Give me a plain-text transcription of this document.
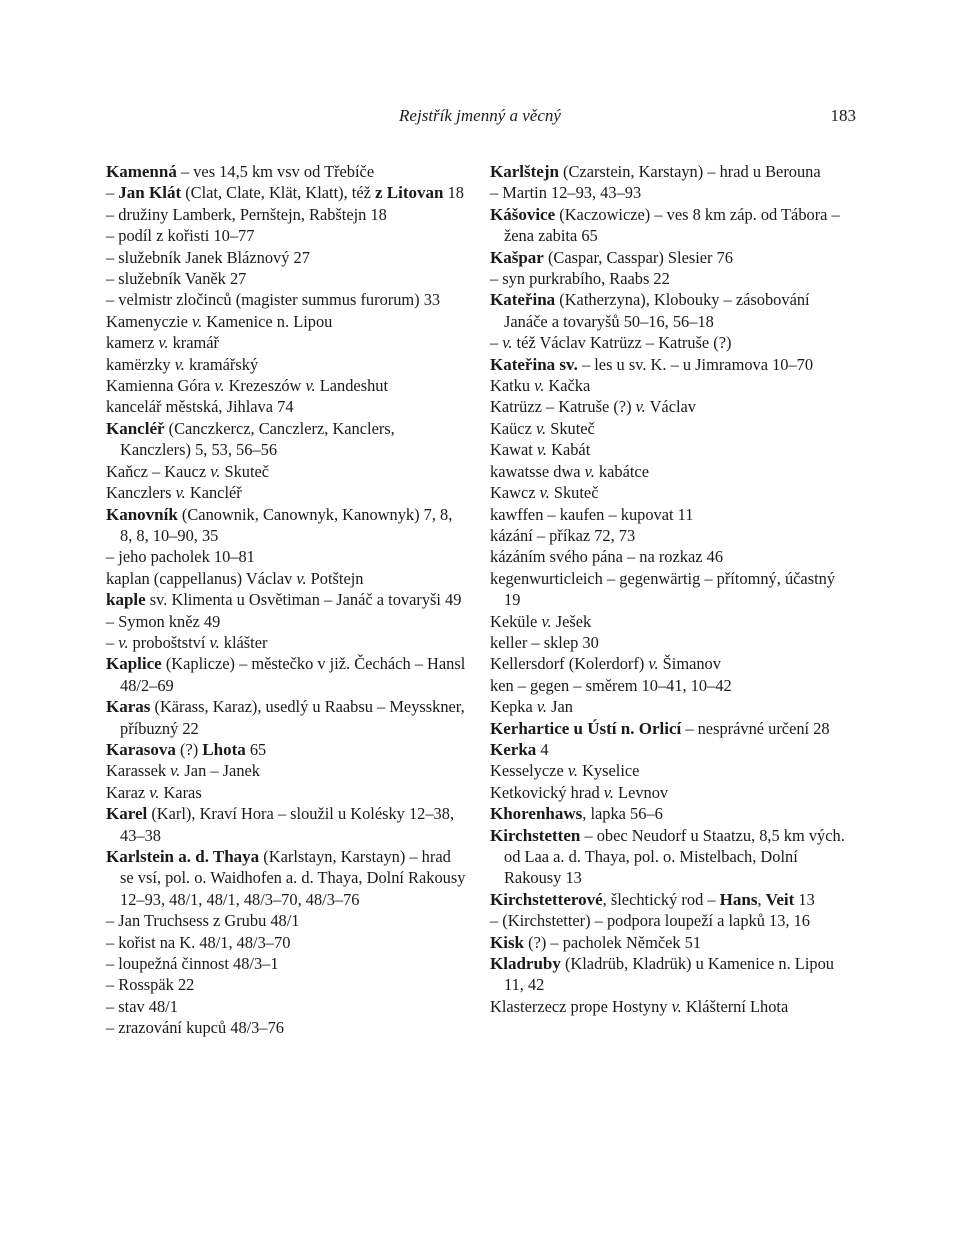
Rejstřík jmenný a věcný	183
Kamenná – ves 14,5 km vsv od Třebíče
– Jan Klát (Clat, Clate, Klät, Klatt), též z Litovan 18
– družiny Lamberk, Pernštejn, Rabštejn 18
– podíl z kořisti 10–77
– služebník Janek Bláznový 27
– služebník Vaněk 27
– velmistr zločinců (magister summus furorum) 33
Kamenyczie v. Kamenice n. Lipou
kamerz v. kramář
kamërzky v. kramářský
Kamienna Góra v. Krezeszów v. Landeshut
kancelář městská, Jihlava 74
Kancléř (Canczkercz, Canczlerz, Kanclers, Kanczlers) 5, 53, 56–56
Kaňcz – Kaucz v. Skuteč
Kanczlers v. Kancléř
Kanovník (Canownik, Canownyk, Kanownyk) 7, 8, 8, 8, 10–90, 35
– jeho pacholek 10–81
kaplan (cappellanus) Václav v. Potštejn
kaple sv. Klimenta u Osvětiman – Janáč a tovaryši 49
– Symon kněz 49
– v. proboštství v. klášter
Kaplice (Kaplicze) – městečko v již. Čechách – Hansl 48/2–69
Karas (Kärass, Karaz), usedlý u Raabsu – Meysskner, příbuzný 22
Karasova (?) Lhota 65
Karassek v. Jan – Janek
Karaz v. Karas
Karel (Karl), Kraví Hora – sloužil u Kolésky 12–38, 43–38
Karlstein a. d. Thaya (Karlstayn, Karstayn) – hrad se vsí, pol. o. Waidhofen a. d. Thaya, Dolní Rakousy 12–93, 48/1, 48/1, 48/3–70, 48/3–76
– Jan Truchsess z Grubu 48/1
– kořist na K. 48/1, 48/3–70
– loupežná činnost 48/3–1
– Rosspäk 22
– stav 48/1
– zrazování kupců 48/3–76
Karlštejn (Czarstein, Karstayn) – hrad u Berouna
– Martin 12–93, 43–93
Kášovice (Kaczowicze) – ves 8 km záp. od Tábora – žena zabita 65
Kašpar (Caspar, Casspar) Slesier 76
– syn purkrabího, Raabs 22
Kateřina (Katherzyna), Klobouky – zásobování Janáče a tovaryšů 50–16, 56–18
– v. též Václav Katrüzz – Katruše (?)
Kateřina sv. – les u sv. K. – u Jimramova 10–70
Katku v. Kačka
Katrüzz – Katruše (?) v. Václav
Kaücz v. Skuteč
Kawat v. Kabát
kawatsse dwa v. kabátce
Kawcz v. Skuteč
kawffen – kaufen – kupovat 11
kázání – příkaz 72, 73
kázáním svého pána – na rozkaz 46
kegenwurticleich – gegenwärtig – přítomný, účastný 19
Keküle v. Ješek
keller – sklep 30
Kellersdorf (Kolerdorf) v. Šimanov
ken – gegen – směrem 10–41, 10–42
Kepka v. Jan
Kerhartice u Ústí n. Orlicí – nesprávné určení 28
Kerka 4
Kesselycze v. Kyselice
Ketkovický hrad v. Levnov
Khorenhaws, lapka 56–6
Kirchstetten – obec Neudorf u Staatzu, 8,5 km vých. od Laa a. d. Thaya, pol. o. Mistelbach, Dolní Rakousy 13
Kirchstetterové, šlechtický rod – Hans, Veit 13
– (Kirchstetter) – podpora loupeží a lapků 13, 16
Kisk (?) – pacholek Němček 51
Kladruby (Kladrüb, Kladrük) u Kamenice n. Lipou 11, 42
Klasterzecz prope Hostyny v. Klášterní Lhota
